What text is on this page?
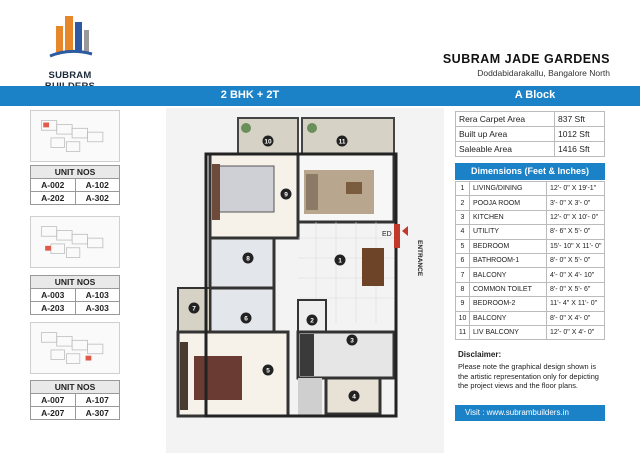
SUBRAM
SUBRAM JADE GARDENS
Doddabidarakallu, Bangalore North
2 BHK + 2T	A Block
UNIT NOS	
A-002	A-102
A-202	A-302
UNIT NOS	
A-003	A-103
A-203	A-303
UNIT NOS	
A-007	A-107
A-207	A-307
ENTRANCE
ED
1
2
3
4
5
6
7
8
9
10	11
Rera Carpet Area	837 Sft
Built up Area	1012 Sft
Saleable Area	1416 Sft
Dimensions (Feet & Inches)
1	LIVING/DINING	12'- 0" X 19'-1"
2	POOJA ROOM	3'- 0" X 3'- 0"
3	KITCHEN	12'- 0" X 10'- 0"
4	UTILITY	8'- 6" X 5'- 0"
5	BEDROOM	15'- 10" X 11'- 0"
6	BATHROOM-1	8'- 0" X 5'- 0"
7	BALCONY	4'- 0" X 4'- 10"
8	COMMON TOILET	8'- 0" X 5'- 6"
9	BEDROOM-2	11'- 4" X 11'- 0"
10	BALCONY	8'- 0" X 4'- 0"
11	LIV BALCONY	12'- 0" X 4'- 0"
Disclaimer:
Please note the graphical design shown is the artistic representation only for depicting the project views and the floor plans.
Visit : www.subrambuilders.in
